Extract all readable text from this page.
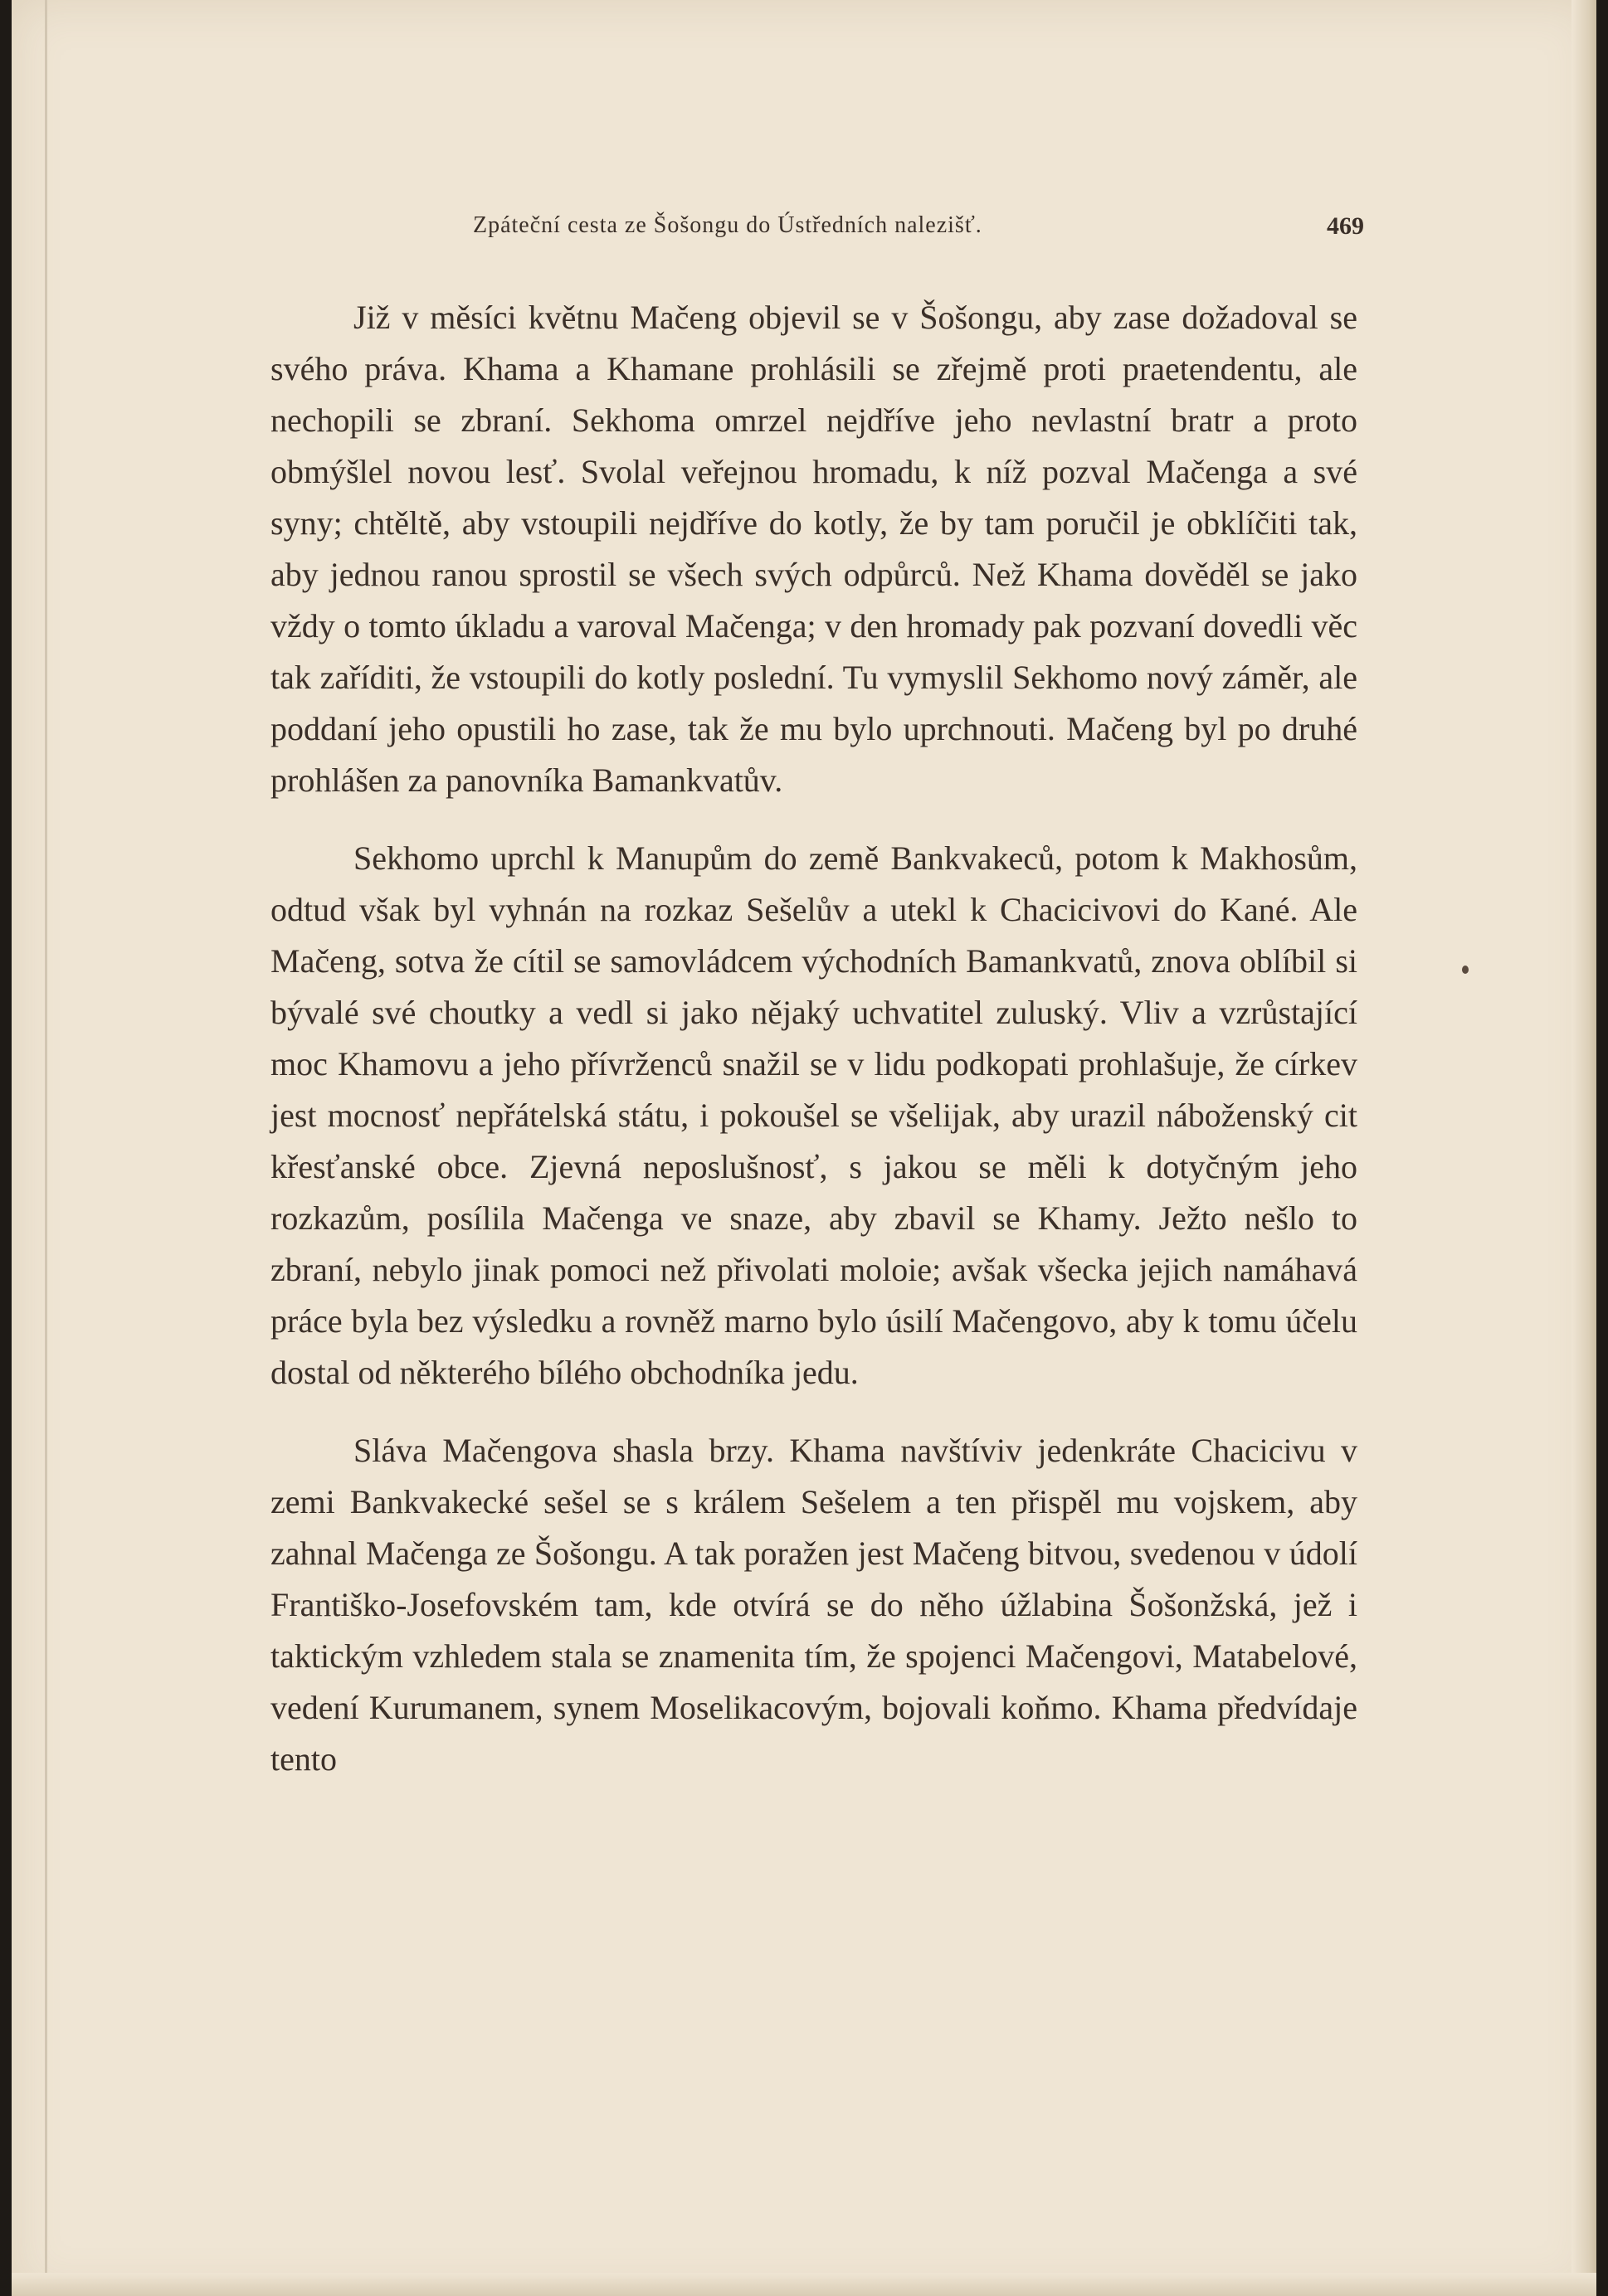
Zpáteční cesta ze Šošongu do Ústředních nalezišť.	469

Již v měsíci květnu Mačeng objevil se v Šošongu, aby zase dožadoval se svého práva. Khama a Khamane prohlásili se zřejmě proti praetendentu, ale nechopili se zbraní. Sekhoma omrzel nejdříve jeho nevlastní bratr a proto obmýšlel novou lesť. Svolal veřejnou hromadu, k níž pozval Mačenga a své syny; chtěltě, aby vstoupili nejdříve do kotly, že by tam poručil je obklíčiti tak, aby jednou ranou sprostil se všech svých odpůrců. Než Khama dověděl se jako vždy o tomto úkladu a varoval Mačenga; v den hromady pak pozvaní dovedli věc tak zaříditi, že vstoupili do kotly poslední. Tu vymyslil Sekhomo nový záměr, ale poddaní jeho opustili ho zase, tak že mu bylo uprchnouti. Mačeng byl po druhé prohlášen za panovníka Bamankvatův.

Sekhomo uprchl k Manupům do země Bankvakeců, potom k Makhosům, odtud však byl vyhnán na rozkaz Sešelův a utekl k Chacicivovi do Kané. Ale Mačeng, sotva že cítil se samovládcem východních Bamankvatů, znova oblíbil si bývalé své choutky a vedl si jako nějaký uchvatitel zuluský. Vliv a vzrůstající moc Khamovu a jeho přívrženců snažil se v lidu podkopati prohlašuje, že církev jest mocnosť nepřátelská státu, i pokoušel se všelijak, aby urazil náboženský cit křesťanské obce. Zjevná neposlušnosť, s jakou se měli k dotyčným jeho rozkazům, posílila Mačenga ve snaze, aby zbavil se Khamy. Ježto nešlo to zbraní, nebylo jinak pomoci než přivolati moloie; avšak všecka jejich namáhavá práce byla bez výsledku a rovněž marno bylo úsilí Mačengovo, aby k tomu účelu dostal od některého bílého obchodníka jedu.

Sláva Mačengova shasla brzy. Khama navštíviv jedenkráte Chacicivu v zemi Bankvakecké sešel se s králem Sešelem a ten přispěl mu vojskem, aby zahnal Mačenga ze Šošongu. A tak poražen jest Mačeng bitvou, svedenou v údolí Františko-Josefovském tam, kde otvírá se do něho úžlabina Šošonžská, jež i taktickým vzhledem stala se znamenita tím, že spojenci Mačengovi, Matabelové, vedení Kurumanem, synem Moselikacovým, bojovali koňmo. Khama předvídaje tento
